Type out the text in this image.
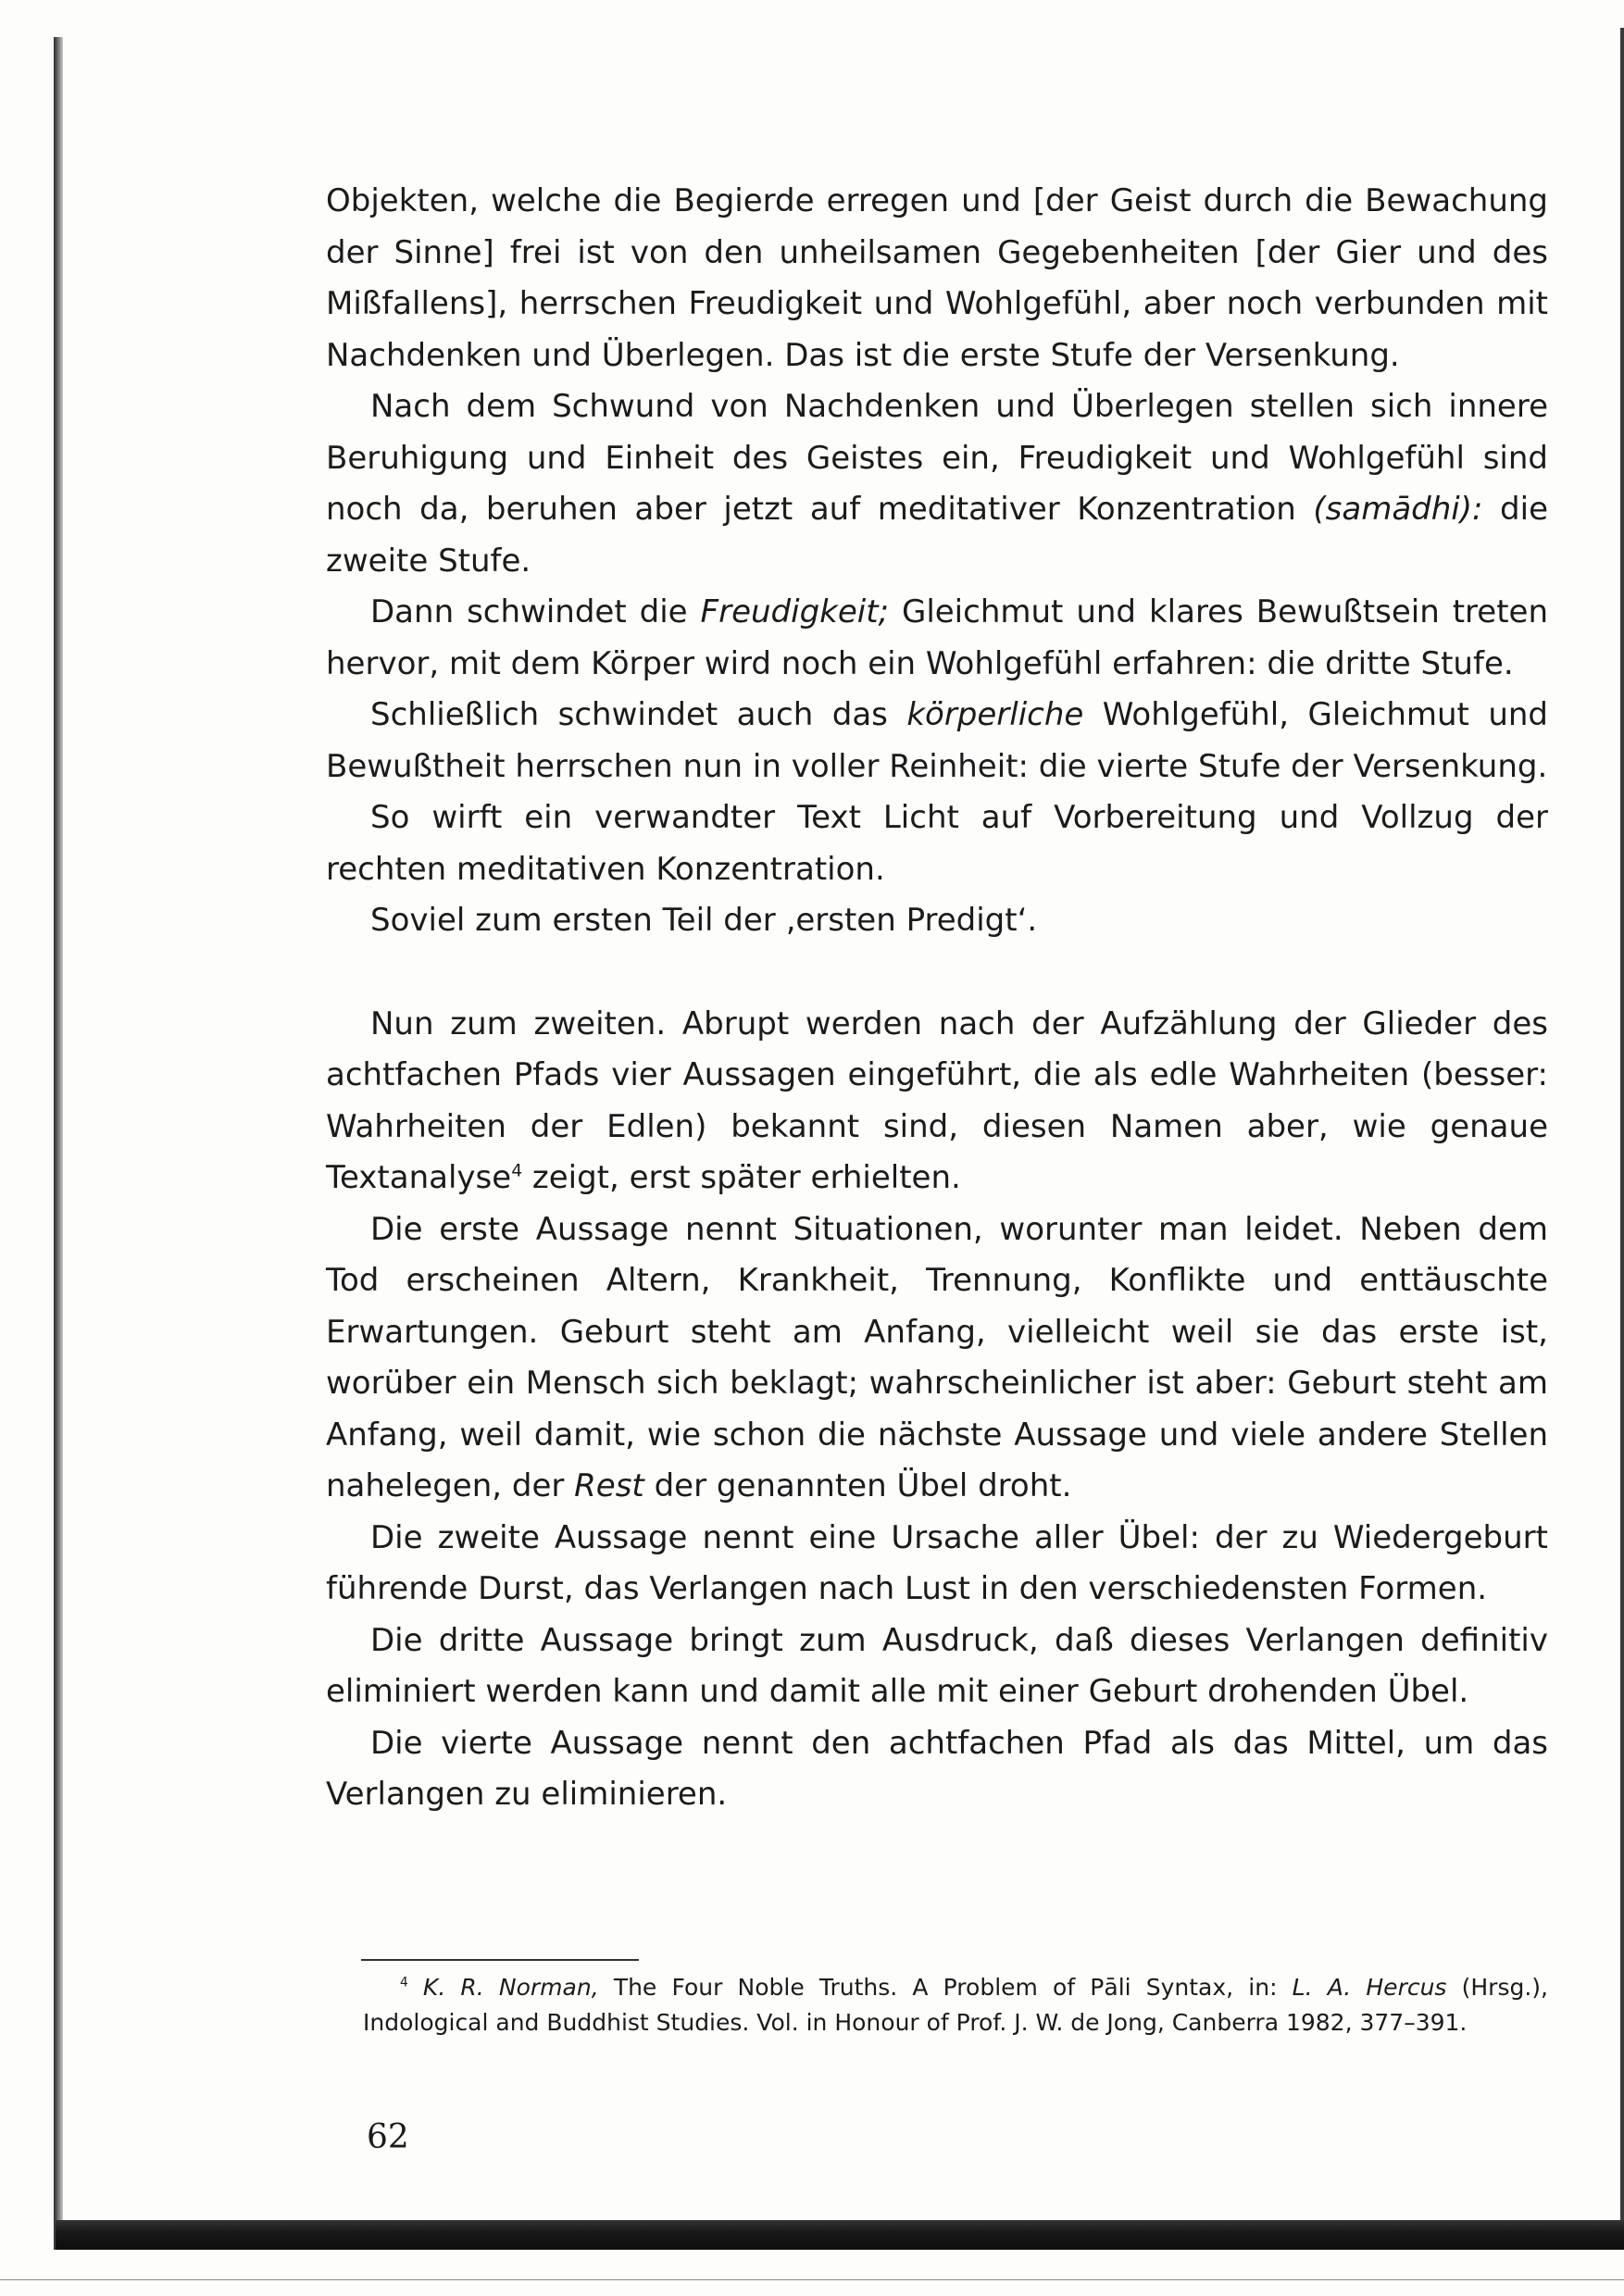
Objekten, welche die Begierde erregen und [der Geist durch die Bewachung der Sinne] frei ist von den unheilsamen Gegebenheiten [der Gier und des Mißfallens], herrschen Freudigkeit und Wohlgefühl, aber noch verbunden mit Nachdenken und Überlegen. Das ist die erste Stufe der Versenkung.

Nach dem Schwund von Nachdenken und Überlegen stellen sich innere Beruhigung und Einheit des Geistes ein, Freudigkeit und Wohlgefühl sind noch da, beruhen aber jetzt auf meditativer Konzentration (samādhi): die zweite Stufe.

Dann schwindet die Freudigkeit; Gleichmut und klares Bewußtsein treten hervor, mit dem Körper wird noch ein Wohlgefühl erfahren: die dritte Stufe.

Schließlich schwindet auch das körperliche Wohlgefühl, Gleichmut und Bewußtheit herrschen nun in voller Reinheit: die vierte Stufe der Versenkung.

So wirft ein verwandter Text Licht auf Vorbereitung und Vollzug der rechten meditativen Konzentration.

Soviel zum ersten Teil der ‚ersten Predigt‘.

Nun zum zweiten. Abrupt werden nach der Aufzählung der Glieder des achtfachen Pfads vier Aussagen eingeführt, die als edle Wahrheiten (besser: Wahrheiten der Edlen) bekannt sind, diesen Namen aber, wie genaue Textanalyse$^4$ zeigt, erst später erhielten.

Die erste Aussage nennt Situationen, worunter man leidet. Neben dem Tod erscheinen Altern, Krankheit, Trennung, Konflikte und enttäuschte Erwartungen. Geburt steht am Anfang, vielleicht weil sie das erste ist, worüber ein Mensch sich beklagt; wahrscheinlicher ist aber: Geburt steht am Anfang, weil damit, wie schon die nächste Aussage und viele andere Stellen nahelegen, der Rest der genannten Übel droht.

Die zweite Aussage nennt eine Ursache aller Übel: der zu Wiedergeburt führende Durst, das Verlangen nach Lust in den verschiedensten Formen.

Die dritte Aussage bringt zum Ausdruck, daß dieses Verlangen definitiv eliminiert werden kann und damit alle mit einer Geburt drohenden Übel.

Die vierte Aussage nennt den achtfachen Pfad als das Mittel, um das Verlangen zu eliminieren.

$^4$ K. R. Norman, The Four Noble Truths. A Problem of Pāli Syntax, in: L. A. Hercus (Hrsg.), Indological and Buddhist Studies. Vol. in Honour of Prof. J. W. de Jong, Canberra 1982, 377–391.
62
